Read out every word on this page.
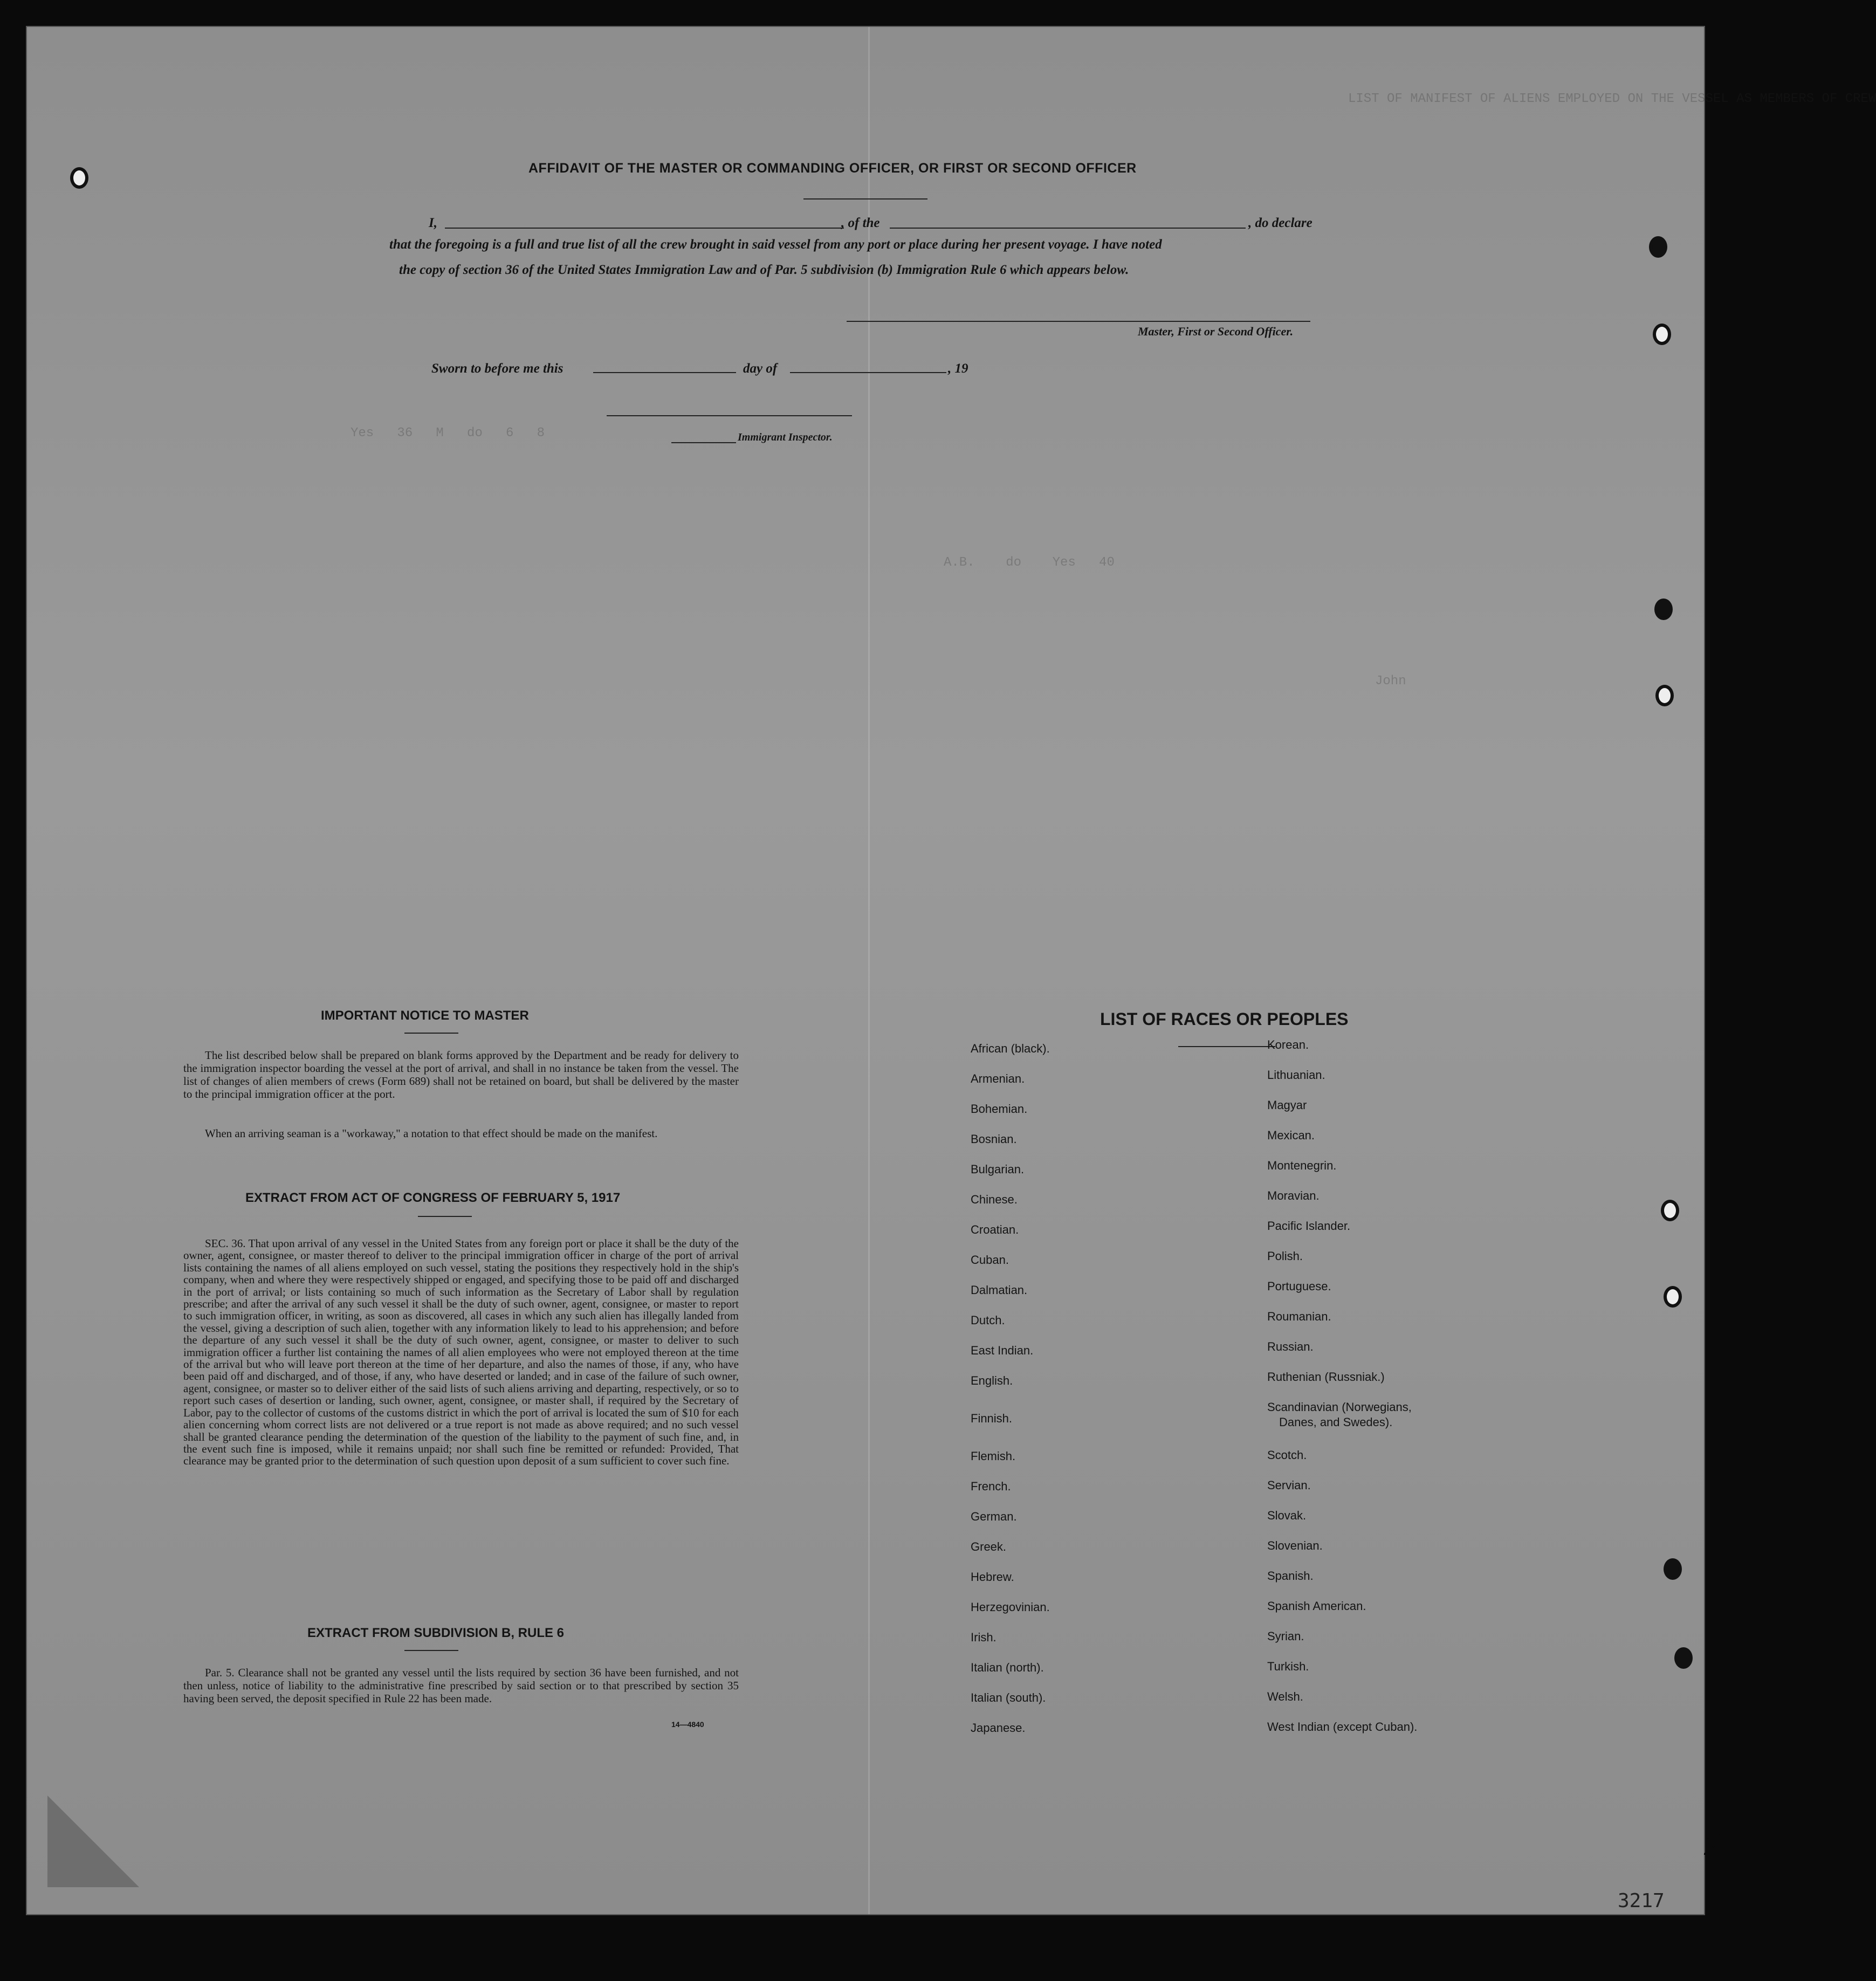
LIST OF MANIFEST OF ALIENS EMPLOYED ON THE VESSEL AS MEMBERS OF CREW
Yes   36   M   do   6   8
A.B.    do    Yes   40
John
AFFIDAVIT OF THE MASTER OR COMMANDING OFFICER, OR FIRST OR SECOND OFFICER
I,	, of the	, do declare
that the foregoing is a full and true list of all the crew brought in said vessel from any port or place during her present voyage. I have noted
the copy of section 36 of the United States Immigration Law and of Par. 5 subdivision (b) Immigration Rule 6 which appears below.
Master, First or Second Officer.
Sworn to before me this	day of	, 19
Immigrant Inspector.
IMPORTANT NOTICE TO MASTER
The list described below shall be prepared on blank forms approved by the Department and be ready for delivery to the immigration inspector boarding the vessel at the port of arrival, and shall in no instance be taken from the vessel. The list of changes of alien members of crews (Form 689) shall not be retained on board, but shall be delivered by the master to the principal immigration officer at the port.
When an arriving seaman is a "workaway," a notation to that effect should be made on the manifest.
EXTRACT FROM ACT OF CONGRESS OF FEBRUARY 5, 1917
SEC. 36. That upon arrival of any vessel in the United States from any foreign port or place it shall be the duty of the owner, agent, consignee, or master thereof to deliver to the principal immigration officer in charge of the port of arrival lists containing the names of all aliens employed on such vessel, stating the positions they respectively hold in the ship's company, when and where they were respectively shipped or engaged, and specifying those to be paid off and discharged in the port of arrival; or lists containing so much of such information as the Secretary of Labor shall by regulation prescribe; and after the arrival of any such vessel it shall be the duty of such owner, agent, consignee, or master to report to such immigration officer, in writing, as soon as discovered, all cases in which any such alien has illegally landed from the vessel, giving a description of such alien, together with any information likely to lead to his apprehension; and before the departure of any such vessel it shall be the duty of such owner, agent, consignee, or master to deliver to such immigration officer a further list containing the names of all alien employees who were not employed thereon at the time of the arrival but who will leave port thereon at the time of her departure, and also the names of those, if any, who have been paid off and discharged, and of those, if any, who have deserted or landed; and in case of the failure of such owner, agent, consignee, or master so to deliver either of the said lists of such aliens arriving and departing, respectively, or so to report such cases of desertion or landing, such owner, agent, consignee, or master shall, if required by the Secretary of Labor, pay to the collector of customs of the customs district in which the port of arrival is located the sum of $10 for each alien concerning whom correct lists are not delivered or a true report is not made as above required; and no such vessel shall be granted clearance pending the determination of the question of the liability to the payment of such fine, and, in the event such fine is imposed, while it remains unpaid; nor shall such fine be remitted or refunded: Provided, That clearance may be granted prior to the determination of such question upon deposit of a sum sufficient to cover such fine.
EXTRACT FROM SUBDIVISION B, RULE 6
Par. 5. Clearance shall not be granted any vessel until the lists required by section 36 have been furnished, and not then unless, notice of liability to the administrative fine prescribed by said section or to that prescribed by section 35 having been served, the deposit specified in Rule 22 has been made.
14—4840
LIST OF RACES OR PEOPLES
African (black).
Armenian.
Bohemian.
Bosnian.
Bulgarian.
Chinese.
Croatian.
Cuban.
Dalmatian.
Dutch.
East Indian.
English.
Finnish.
Flemish.
French.
German.
Greek.
Hebrew.
Herzegovinian.
Irish.
Italian (north).
Italian (south).
Japanese.
Korean.
Lithuanian.
Magyar
Mexican.
Montenegrin.
Moravian.
Pacific Islander.
Polish.
Portuguese.
Roumanian.
Russian.
Ruthenian (Russniak.)
Scandinavian (Norwegians,
Danes, and Swedes).
Scotch.
Servian.
Slovak.
Slovenian.
Spanish.
Spanish American.
Syrian.
Turkish.
Welsh.
West Indian (except Cuban).
2
3217
